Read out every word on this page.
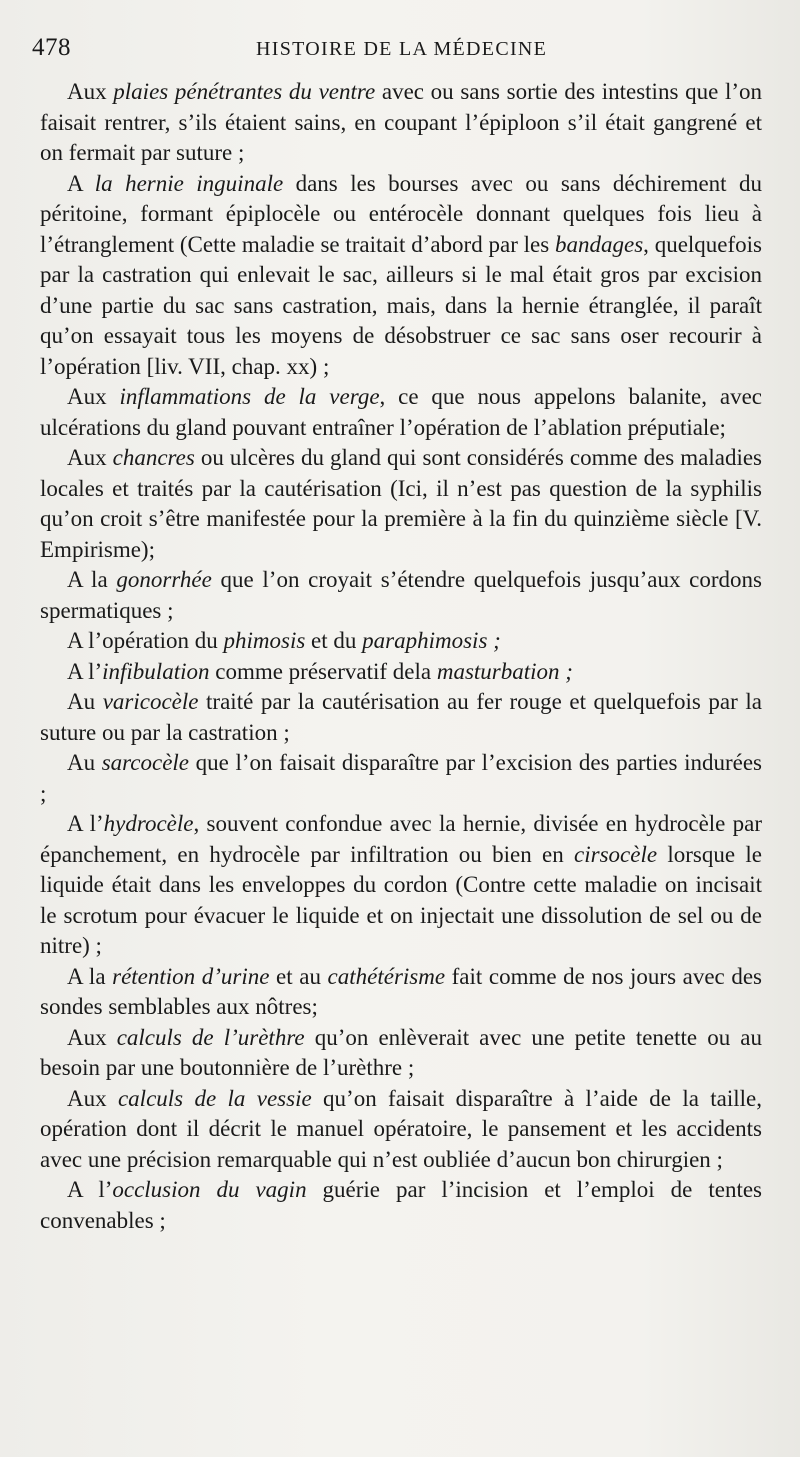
478	HISTOIRE DE LA MÉDECINE

Aux plaies pénétrantes du ventre avec ou sans sortie des intestins que l’on faisait rentrer, s’ils étaient sains, en coupant l’épiploon s’il était gangrené et on fermait par suture ;

A la hernie inguinale dans les bourses avec ou sans déchirement du péritoine, formant épiplocèle ou entérocèle donnant quelques fois lieu à l’étranglement (Cette maladie se traitait d’abord par les bandages, quelquefois par la castration qui enlevait le sac, ailleurs si le mal était gros par excision d’une partie du sac sans castration, mais, dans la hernie étranglée, il paraît qu’on essayait tous les moyens de désobstruer ce sac sans oser recourir à l’opération [liv. VII, chap. xx) ;

Aux inflammations de la verge, ce que nous appelons balanite, avec ulcérations du gland pouvant entraîner l’opération de l’ablation préputiale;

Aux chancres ou ulcères du gland qui sont considérés comme des maladies locales et traités par la cautérisation (Ici, il n’est pas question de la syphilis qu’on croit s’être manifestée pour la première à la fin du quinzième siècle [V. Empirisme);

A la gonorrhée que l’on croyait s’étendre quelquefois jusqu’aux cordons spermatiques ;

A l’opération du phimosis et du paraphimosis ;

A l’infibulation comme préservatif dela masturbation ;

Au varicocèle traité par la cautérisation au fer rouge et quelquefois par la suture ou par la castration ;

Au sarcocèle que l’on faisait disparaître par l’excision des parties indurées ;

A l’hydrocèle, souvent confondue avec la hernie, divisée en hydrocèle par épanchement, en hydrocèle par infiltration ou bien en cirsocèle lorsque le liquide était dans les enveloppes du cordon (Contre cette maladie on incisait le scrotum pour évacuer le liquide et on injectait une dissolution de sel ou de nitre) ;

A la rétention d’urine et au cathétérisme fait comme de nos jours avec des sondes semblables aux nôtres;

Aux calculs de l’urèthre qu’on enlèverait avec une petite tenette ou au besoin par une boutonnière de l’urèthre ;

Aux calculs de la vessie qu’on faisait disparaître à l’aide de la taille, opération dont il décrit le manuel opératoire, le pansement et les accidents avec une précision remarquable qui n’est oubliée d’aucun bon chirurgien ;

A l’occlusion du vagin guérie par l’incision et l’emploi de tentes convenables ;
